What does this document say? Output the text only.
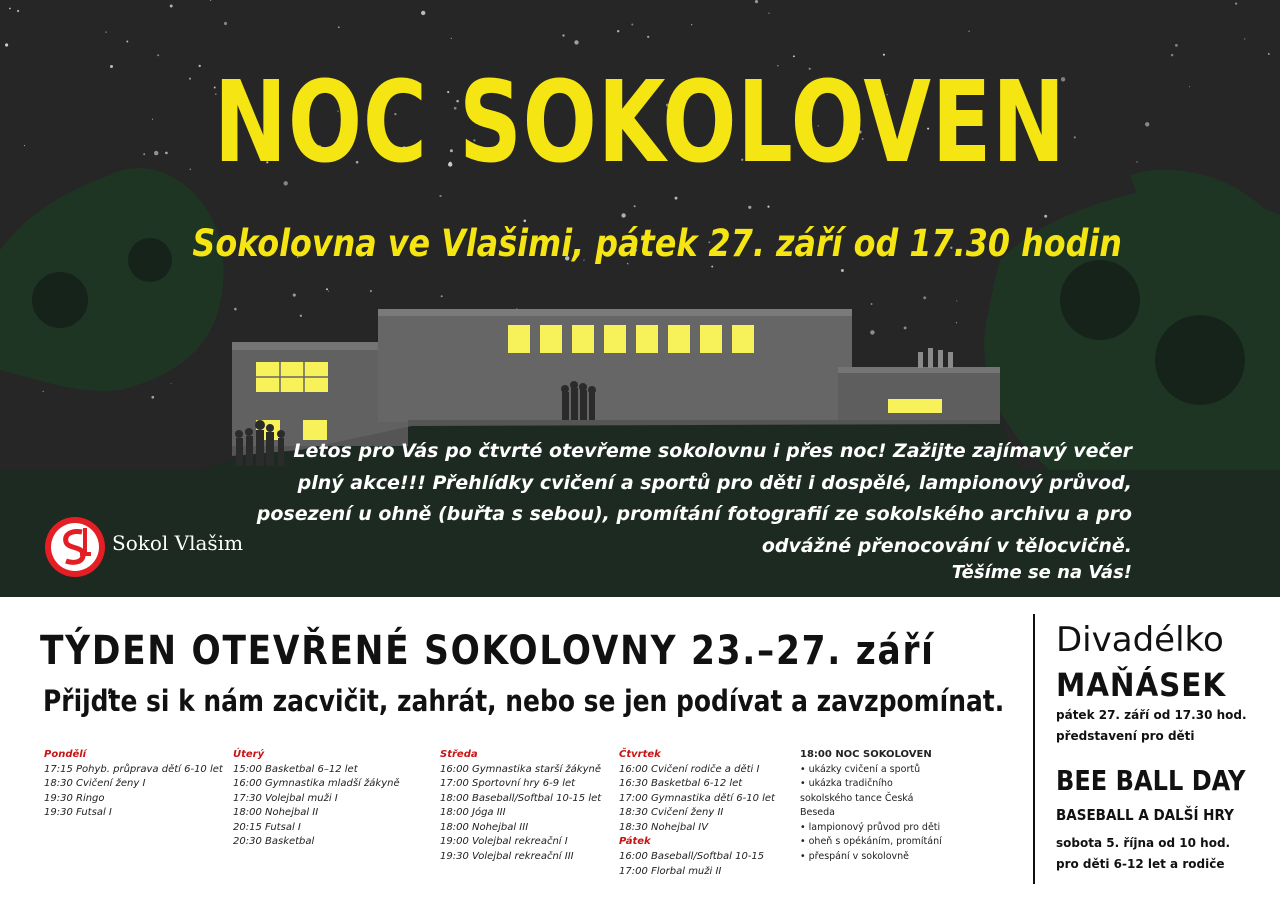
NOC SOKOLOVEN
Sokolovna ve Vlašimi, pátek 27. září od 17.30 hodin
Letos pro Vás po čtvrté otevřeme sokolovnu i přes noc! Zažijte zajímavý večer
plný akce!!! Přehlídky cvičení a sportů pro děti i dospělé, lampionový průvod,
posezení u ohně (buřta s sebou), promítání fotografií ze sokolského archivu a pro
odvážné přenocování v tělocvičně.
Těšíme se na Vás!
Sokol Vlašim
TÝDEN OTEVŘENÉ SOKOLOVNY 23.–27. září
Přijďte si k nám zacvičit, zahrát, nebo se jen podívat a zavzpomínat.
Pondělí
17:15 Pohyb. průprava dětí 6-10 let
18:30 Cvičení ženy I
19:30 Ringo
19:30 Futsal I
Úterý
15:00 Basketbal 6–12 let
16:00 Gymnastika mladší žákyně
17:30 Volejbal muži I
18:00 Nohejbal II
20:15 Futsal I
20:30 Basketbal
Středa
16:00 Gymnastika starší žákyně
17:00 Sportovní hry 6-9 let
18:00 Baseball/Softbal 10-15 let
18:00 Jóga III
18:00 Nohejbal III
19:00 Volejbal rekreační I
19:30 Volejbal rekreační III
Čtvrtek
16:00 Cvičení rodiče a děti I
16:30 Basketbal 6-12 let
17:00 Gymnastika dětí 6-10 let
18:30 Cvičení ženy II
18:30 Nohejbal IV
Pátek
16:00 Baseball/Softbal 10-15
17:00 Florbal muži II
18:00 NOC SOKOLOVEN
• ukázky cvičení a sportů
• ukázka tradičního
sokolského tance Česká
Beseda
• lampionový průvod pro děti
• oheň s opékáním, promítání
• přespání v sokolovně
Divadélko
MAŇÁSEK
pátek 27. září od 17.30 hod.
představení pro děti
BEE BALL DAY
BASEBALL A DALŠÍ HRY
sobota 5. října od 10 hod.
pro děti 6-12 let a rodiče
